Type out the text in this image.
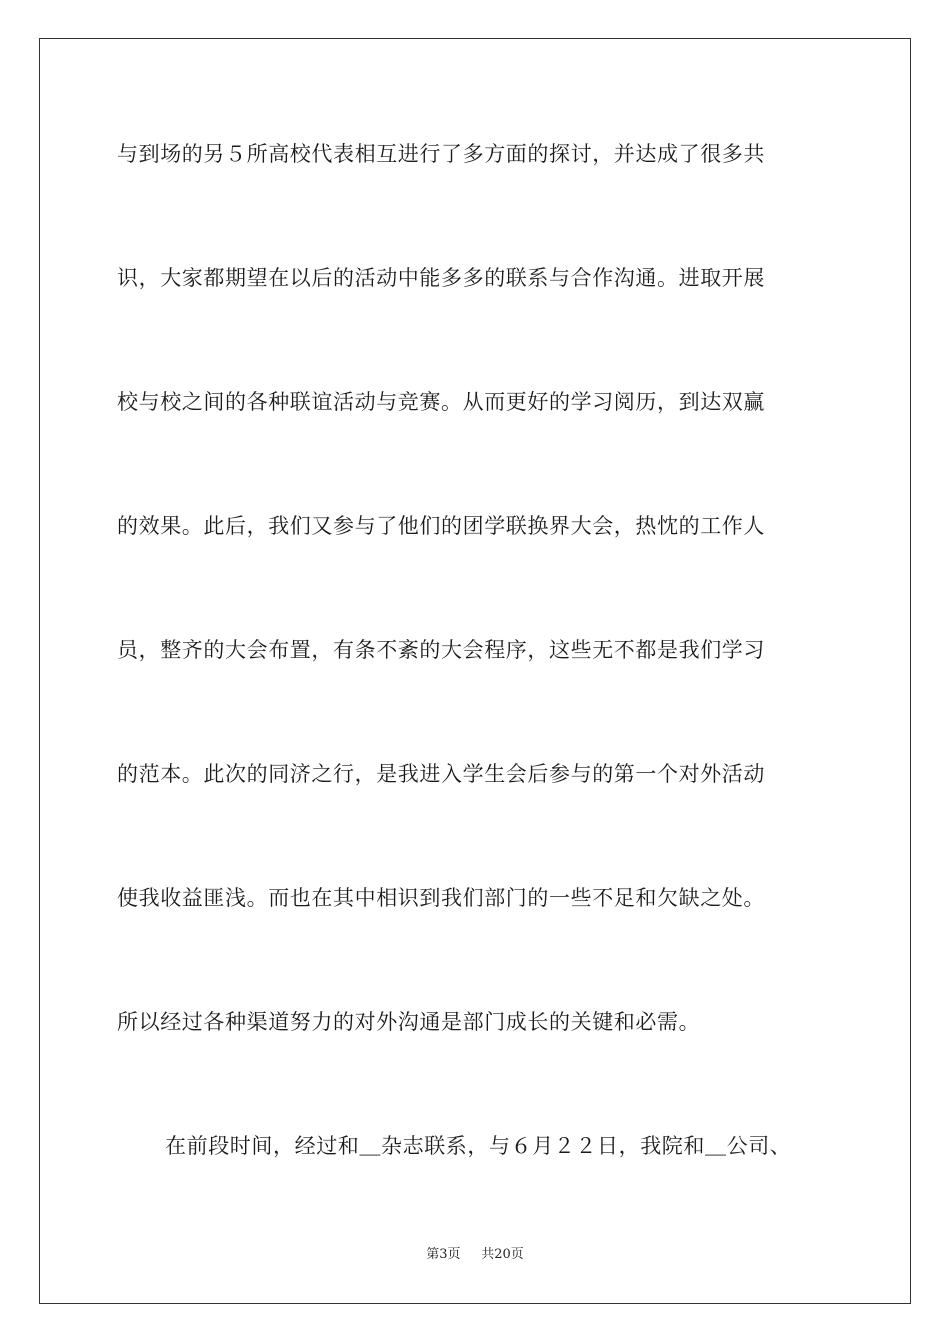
与到场的另５所高校代表相互进行了多方面的探讨，并达成了很多共
识，大家都期望在以后的活动中能多多的联系与合作沟通。进取开展
校与校之间的各种联谊活动与竞赛。从而更好的学习阅历，到达双赢
的效果。此后，我们又参与了他们的团学联换界大会，热忱的工作人
员，整齐的大会布置，有条不紊的大会程序，这些无不都是我们学习
的范本。此次的同济之行，是我进入学生会后参与的第一个对外活动
使我收益匪浅。而也在其中相识到我们部门的一些不足和欠缺之处。
所以经过各种渠道努力的对外沟通是部门成长的关键和必需。
在前段时间，经过和＿杂志联系，与６月２２日，我院和＿公司、
第3页 共20页
